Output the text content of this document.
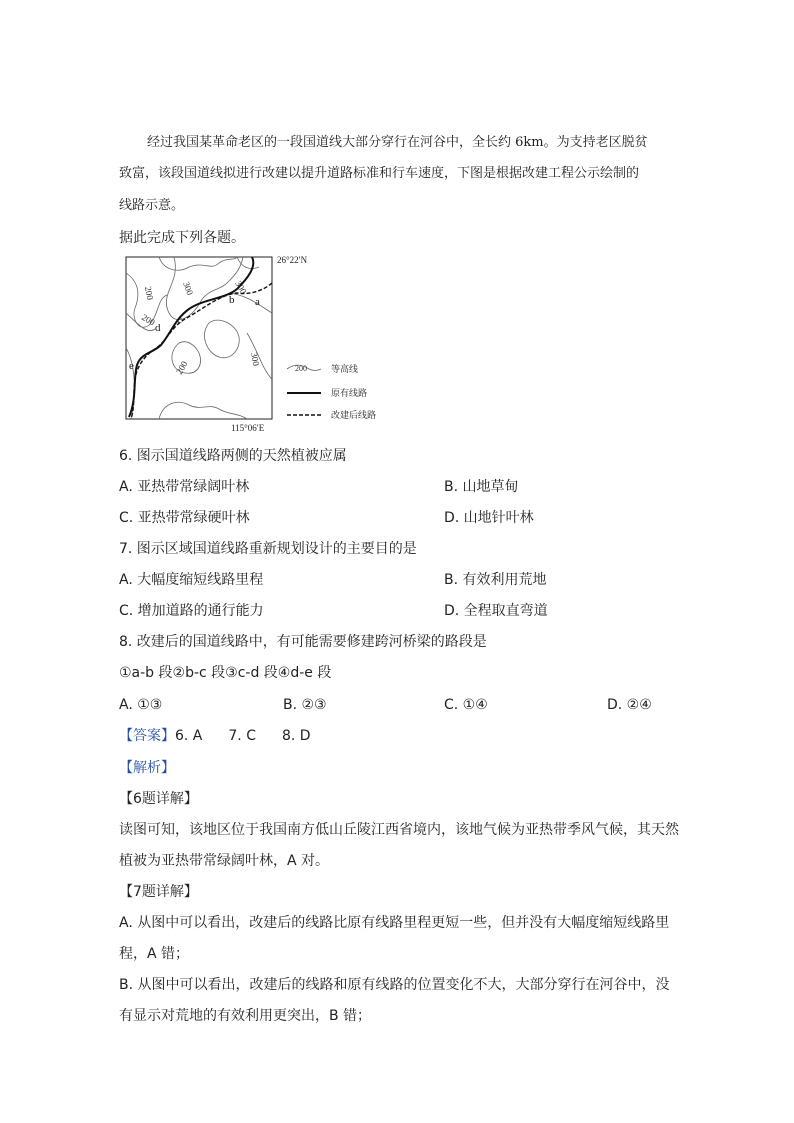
经过我国某革命老区的一段国道线大部分穿行在河谷中，全长约 6km。为支持老区脱贫
致富，该段国道线拟进行改建以提升道路标准和行车速度，下图是根据改建工程公示绘制的
线路示意。
据此完成下列各题。
300
200
200
300
200
300
a
b
c
d
e
26°22′N
115°06′E
200	等高线
原有线路
改建后线路
6. 图示国道线路两侧的天然植被应属
A. 亚热带常绿阔叶林	B. 山地草甸
C. 亚热带常绿硬叶林	D. 山地针叶林
7. 图示区域国道线路重新规划设计的主要目的是
A. 大幅度缩短线路里程	B. 有效利用荒地
C. 增加道路的通行能力	D. 全程取直弯道
8. 改建后的国道线路中，有可能需要修建跨河桥梁的路段是
①a-b 段②b-c 段③c-d 段④d-e 段
A. ①③	B. ②③	C. ①④	D. ②④
【答案】6. A 7. C 8. D
【解析】
【6题详解】
读图可知，该地区位于我国南方低山丘陵江西省境内，该地气候为亚热带季风气候，其天然
植被为亚热带常绿阔叶林，A 对。
【7题详解】
A. 从图中可以看出，改建后的线路比原有线路里程更短一些，但并没有大幅度缩短线路里
程，A 错；
B. 从图中可以看出，改建后的线路和原有线路的位置变化不大，大部分穿行在河谷中，没
有显示对荒地的有效利用更突出，B 错；
